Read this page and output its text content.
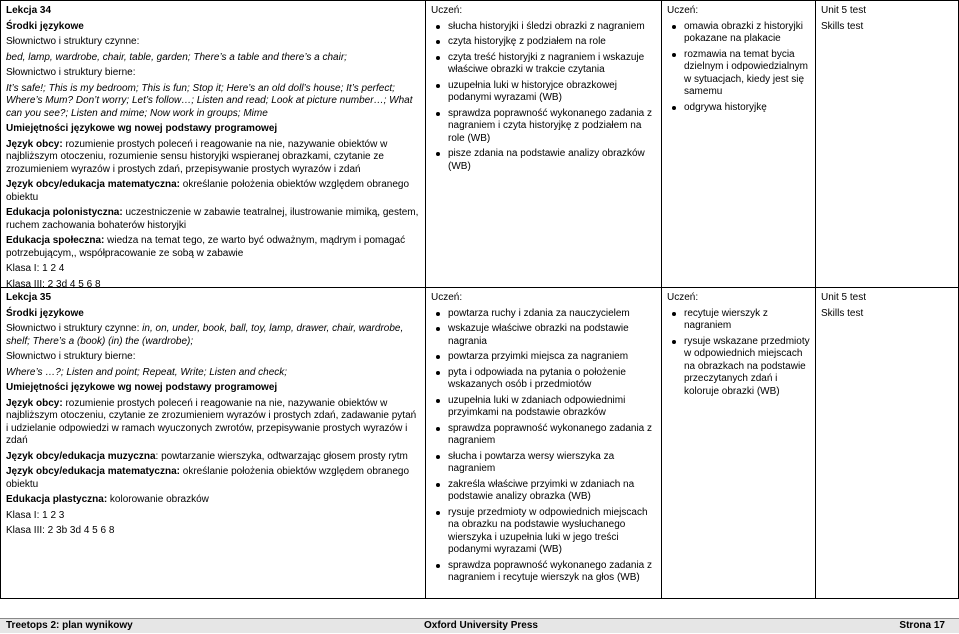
Lekcja 34

Środki językowe

Słownictwo i struktury czynne:

bed, lamp, wardrobe, chair, table, garden; There’s a table and there’s a chair;

Słownictwo i struktury bierne:

It’s safe!; This is my bedroom; This is fun; Stop it; Here’s an old doll’s house; It’s perfect; Where’s Mum? Don’t worry; Let’s follow…; Listen and read; Look at picture number…; What can you see?; Listen and mime; Now work in groups; Mime

Umiejętności językowe wg nowej podstawy programowej

Język obcy: rozumienie prostych poleceń i reagowanie na nie, nazywanie obiektów w najbliższym otoczeniu, rozumienie sensu historyjki wspieranej obrazkami, czytanie ze zrozumieniem wyrazów i prostych zdań, przepisywanie prostych wyrazów i zdań

Język obcy/edukacja matematyczna: określanie położenia obiektów względem obranego obiektu

Edukacja polonistyczna: uczestniczenie w zabawie teatralnej, ilustrowanie mimiką, gestem, ruchem zachowania bohaterów historyjki

Edukacja społeczna: wiedza na temat tego, ze warto być odważnym, mądrym i pomagać potrzebującym,, współpracowanie ze sobą w zabawie

Klasa I: 1 2 4

Klasa III: 2 3d 4 5 6 8

Uczeń:

słucha historyjki i śledzi obrazki z nagraniem
czyta historyjkę z podziałem na role
czyta treść historyjki z nagraniem i wskazuje właściwe obrazki w trakcie czytania
uzupełnia luki w historyjce obrazkowej podanymi wyrazami (WB)
sprawdza poprawność wykonanego zadania z nagraniem i czyta historyjkę z podziałem na role (WB)
pisze zdania na podstawie analizy obrazków (WB)

Uczeń:

omawia obrazki z historyjki pokazane na plakacie
rozmawia na temat bycia dzielnym i odpowiedzialnym w sytuacjach, kiedy jest się samemu
odgrywa historyjkę

Unit 5 test

Skills test

Lekcja 35

Środki językowe

Słownictwo i struktury czynne: in, on, under, book, ball, toy, lamp, drawer, chair, wardrobe, shelf; There’s a (book) (in) the (wardrobe);

Słownictwo i struktury bierne:

Where’s …?; Listen and point; Repeat, Write; Listen and check;

Umiejętności językowe wg nowej podstawy programowej

Język obcy: rozumienie prostych poleceń i reagowanie na nie, nazywanie obiektów w najbliższym otoczeniu, czytanie ze zrozumieniem wyrazów i prostych zdań, zadawanie pytań i udzielanie odpowiedzi w ramach wyuczonych zwrotów, przepisywanie prostych wyrazów i zdań

Język obcy/edukacja muzyczna: powtarzanie wierszyka, odtwarzając głosem prosty rytm

Język obcy/edukacja matematyczna: określanie położenia obiektów względem obranego obiektu

Edukacja plastyczna: kolorowanie obrazków

Klasa I: 1 2 3

Klasa III: 2 3b 3d 4 5 6 8

Uczeń:

powtarza ruchy i zdania za nauczycielem
wskazuje właściwe obrazki na podstawie nagrania
powtarza przyimki miejsca za nagraniem
pyta i odpowiada na pytania o położenie wskazanych osób i przedmiotów
uzupełnia luki w zdaniach odpowiednimi przyimkami na podstawie obrazków
sprawdza poprawność wykonanego zadania z nagraniem
słucha i powtarza wersy wierszyka za nagraniem
zakreśla właściwe przyimki w zdaniach na podstawie analizy obrazka (WB)
rysuje przedmioty w odpowiednich miejscach na obrazku na podstawie wysłuchanego wierszyka i uzupełnia luki w jego treści podanymi wyrazami (WB)
sprawdza poprawność wykonanego zadania z nagraniem i recytuje wierszyk na głos (WB)

Uczeń:

recytuje wierszyk z nagraniem
rysuje wskazane przedmioty w odpowiednich miejscach na obrazkach na podstawie przeczytanych zdań i koloruje obrazki (WB)

Unit 5 test

Skills test

Treetops 2: plan wynikowy	Oxford University Press	Strona 17
